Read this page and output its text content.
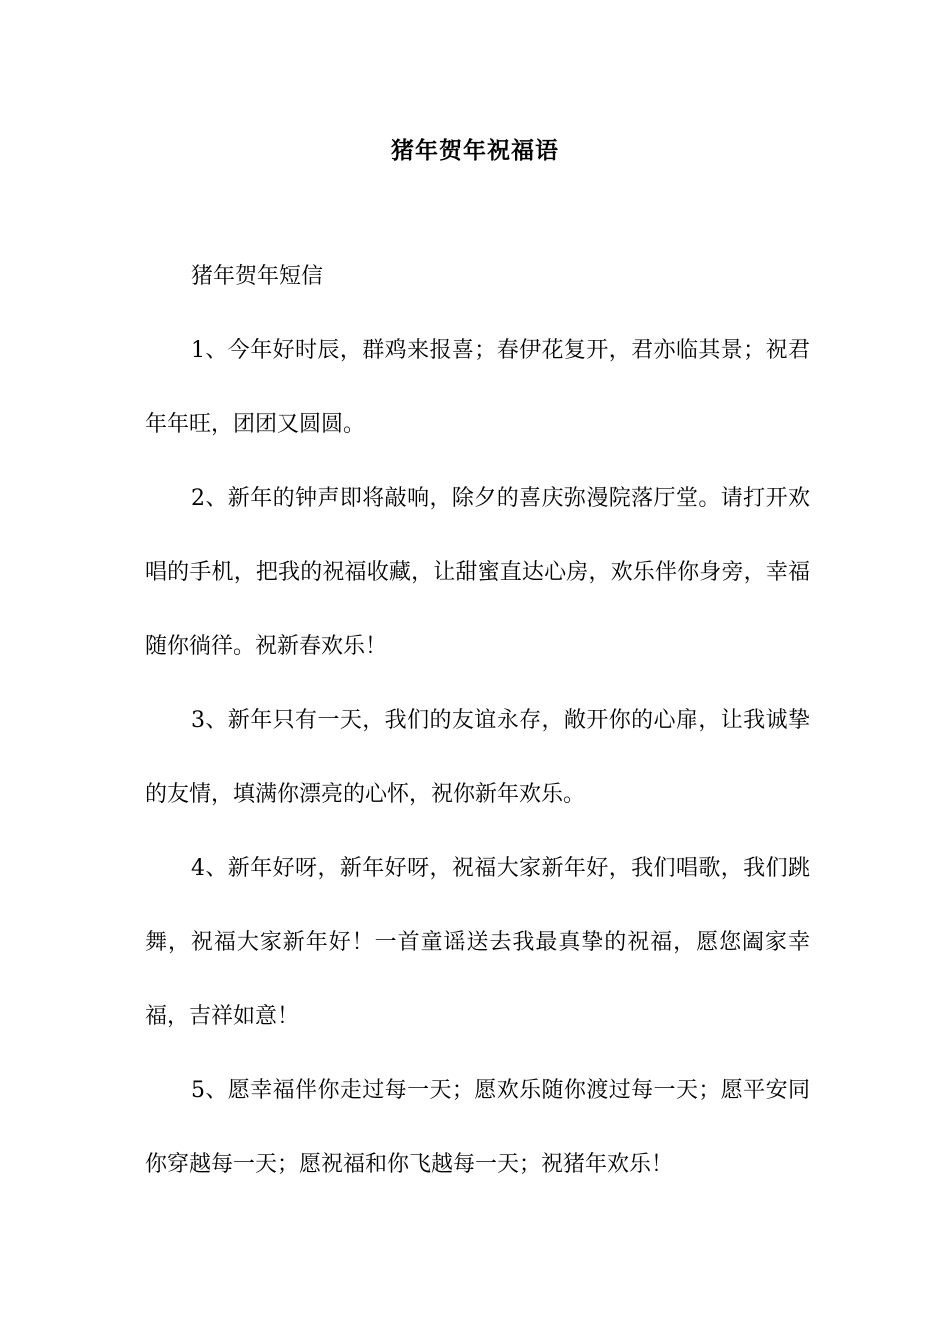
猪年贺年祝福语

猪年贺年短信

1、今年好时辰，群鸡来报喜；春伊花复开，君亦临其景；祝君年年旺，团团又圆圆。

2、新年的钟声即将敲响，除夕的喜庆弥漫院落厅堂。请打开欢唱的手机，把我的祝福收藏，让甜蜜直达心房，欢乐伴你身旁，幸福随你徜徉。祝新春欢乐！

3、新年只有一天，我们的友谊永存，敞开你的心扉，让我诚挚的友情，填满你漂亮的心怀，祝你新年欢乐。

4、新年好呀，新年好呀，祝福大家新年好，我们唱歌，我们跳舞，祝福大家新年好！一首童谣送去我最真挚的祝福，愿您阖家幸福，吉祥如意！

5、愿幸福伴你走过每一天；愿欢乐随你渡过每一天；愿平安同你穿越每一天；愿祝福和你飞越每一天；祝猪年欢乐！
